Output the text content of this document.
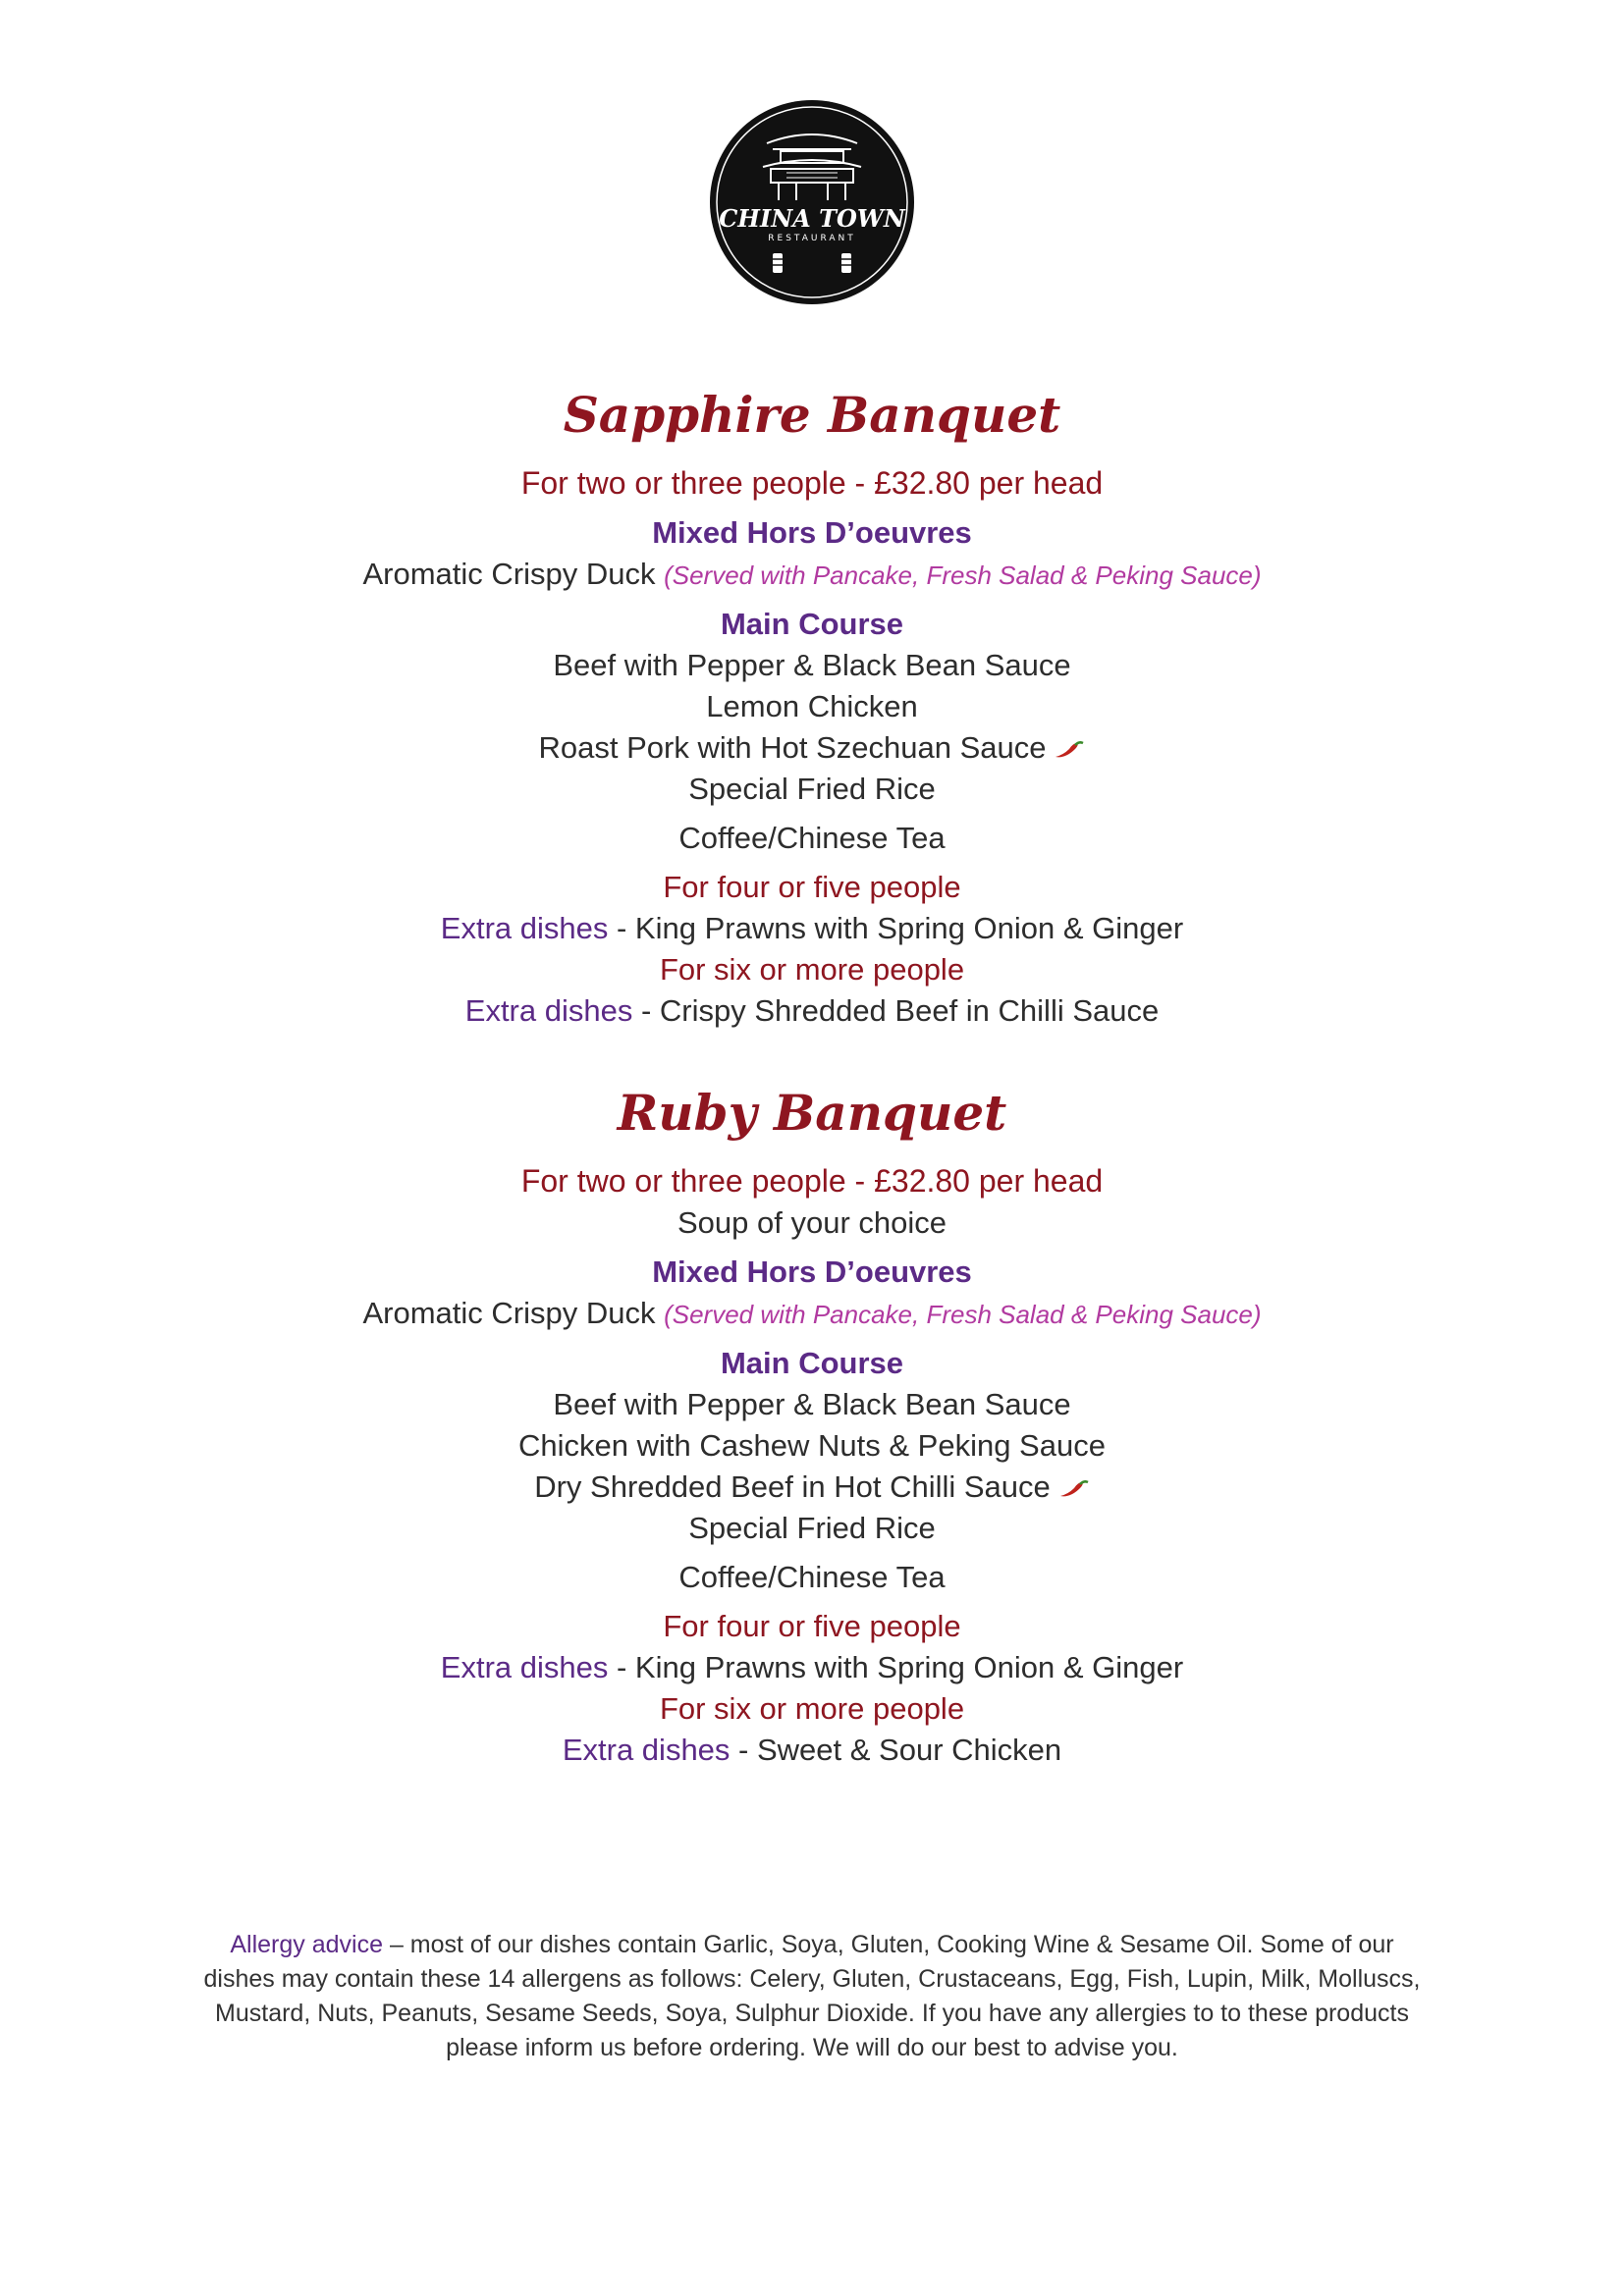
CHINA TOWN
RESTAURANT
Sapphire Banquet
For two or three people - £32.80 per head
Mixed Hors D’oeuvres
Aromatic Crispy Duck (Served with Pancake, Fresh Salad & Peking Sauce)
Main Course
Beef with Pepper & Black Bean Sauce
Lemon Chicken
Roast Pork with Hot Szechuan Sauce
Special Fried Rice
Coffee/Chinese Tea
For four or five people
Extra dishes - King Prawns with Spring Onion & Ginger
For six or more people
Extra dishes - Crispy Shredded Beef in Chilli Sauce
Ruby Banquet
For two or three people - £32.80 per head
Soup of your choice
Mixed Hors D’oeuvres
Aromatic Crispy Duck (Served with Pancake, Fresh Salad & Peking Sauce)
Main Course
Beef with Pepper & Black Bean Sauce
Chicken with Cashew Nuts & Peking Sauce
Dry Shredded Beef in Hot Chilli Sauce
Special Fried Rice
Coffee/Chinese Tea
For four or five people
Extra dishes - King Prawns with Spring Onion & Ginger
For six or more people
Extra dishes - Sweet & Sour Chicken
Allergy advice – most of our dishes contain Garlic, Soya, Gluten, Cooking Wine & Sesame Oil. Some of our dishes may contain these 14 allergens as follows: Celery, Gluten, Crustaceans, Egg, Fish, Lupin, Milk, Molluscs, Mustard, Nuts, Peanuts, Sesame Seeds, Soya, Sulphur Dioxide. If you have any allergies to to these products please inform us before ordering. We will do our best to advise you.
